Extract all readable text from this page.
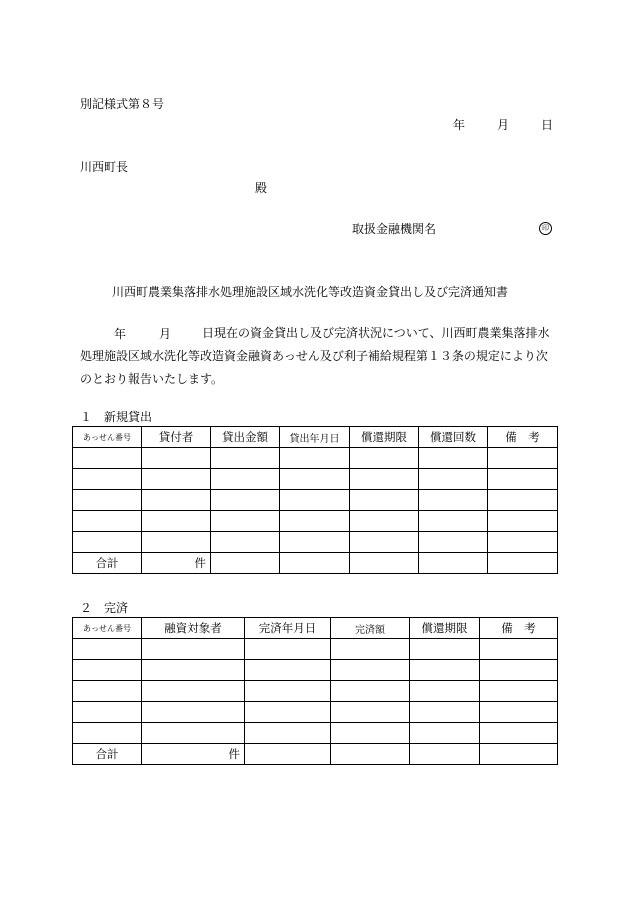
別記様式第８号
年	月	日
川西町長
殿
取扱金融機関名	印
川西町農業集落排水処理施設区域水洗化等改造資金貸出し及び完済通知書
年	月	日現在の資金貸出し及び完済状況について、川西町農業集落排水処理施設区域水洗化等改造資金融資あっせん及び利子補給規程第１３条の規定により次のとおり報告いたします。
１　新規貸出
あっせん番号	貸付者	貸出金額	貸出年月日	償還期限	償還回数	備　考

合計	件					
２　完済
あっせん番号	融資対象者	完済年月日	完済額	償還期限	備　考

合計	件				
